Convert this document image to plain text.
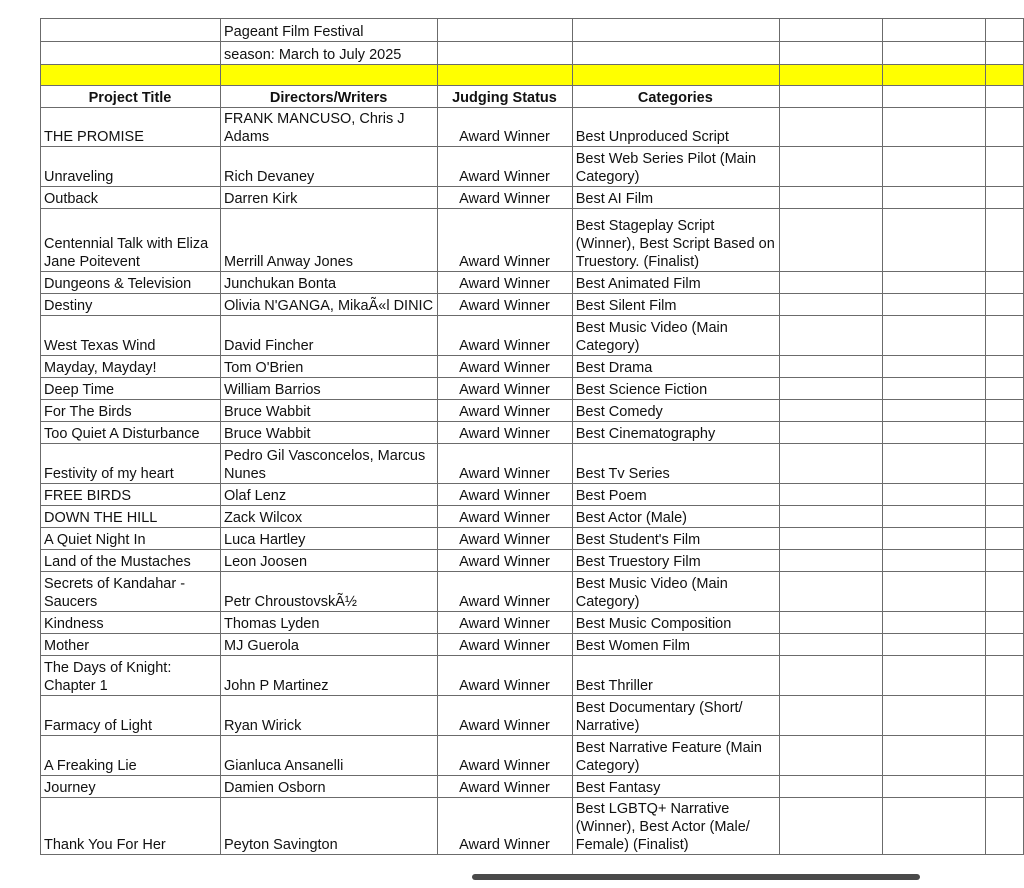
	Pageant Film Festival					
	season: March to July 2025					

Project Title	Directors/Writers	Judging Status	Categories			
THE PROMISE	FRANK MANCUSO, Chris J Adams	Award Winner	Best Unproduced Script			
Unraveling	Rich Devaney	Award Winner	Best Web Series Pilot (Main Category)			
Outback	Darren Kirk	Award Winner	Best AI Film			
Centennial Talk with Eliza Jane Poitevent	Merrill Anway Jones	Award Winner	Best Stageplay Script (Winner), Best Script Based on Truestory. (Finalist)			
Dungeons & Television	Junchukan Bonta	Award Winner	Best Animated Film			
Destiny	Olivia N'GANGA, MikaÃ«l DINIC	Award Winner	Best Silent Film			
West Texas Wind	David Fincher	Award Winner	Best Music Video (Main Category)			
Mayday, Mayday!	Tom O'Brien	Award Winner	Best Drama			
Deep Time	William Barrios	Award Winner	Best Science Fiction			
For The Birds	Bruce Wabbit	Award Winner	Best Comedy			
Too Quiet A Disturbance	Bruce Wabbit	Award Winner	Best Cinematography			
Festivity of my heart	Pedro Gil Vasconcelos, Marcus Nunes	Award Winner	Best Tv Series			
FREE BIRDS	Olaf Lenz	Award Winner	Best Poem			
DOWN THE HILL	Zack Wilcox	Award Winner	Best Actor (Male)			
A Quiet Night In	Luca Hartley	Award Winner	Best Student's Film			
Land of the Mustaches	Leon Joosen	Award Winner	Best Truestory Film			
Secrets of Kandahar - Saucers	Petr ChroustovskÃ½	Award Winner	Best Music Video (Main Category)			
Kindness	Thomas Lyden	Award Winner	Best Music Composition			
Mother	MJ Guerola	Award Winner	Best Women Film			
The Days of Knight: Chapter 1	John P Martinez	Award Winner	Best Thriller			
Farmacy of Light	Ryan Wirick	Award Winner	Best Documentary (Short/ Narrative)			
A Freaking Lie	Gianluca Ansanelli	Award Winner	Best Narrative Feature (Main Category)			
Journey	Damien Osborn	Award Winner	Best Fantasy			
Thank You For Her	Peyton Savington	Award Winner	Best LGBTQ+ Narrative (Winner), Best Actor (Male/ Female) (Finalist)			
